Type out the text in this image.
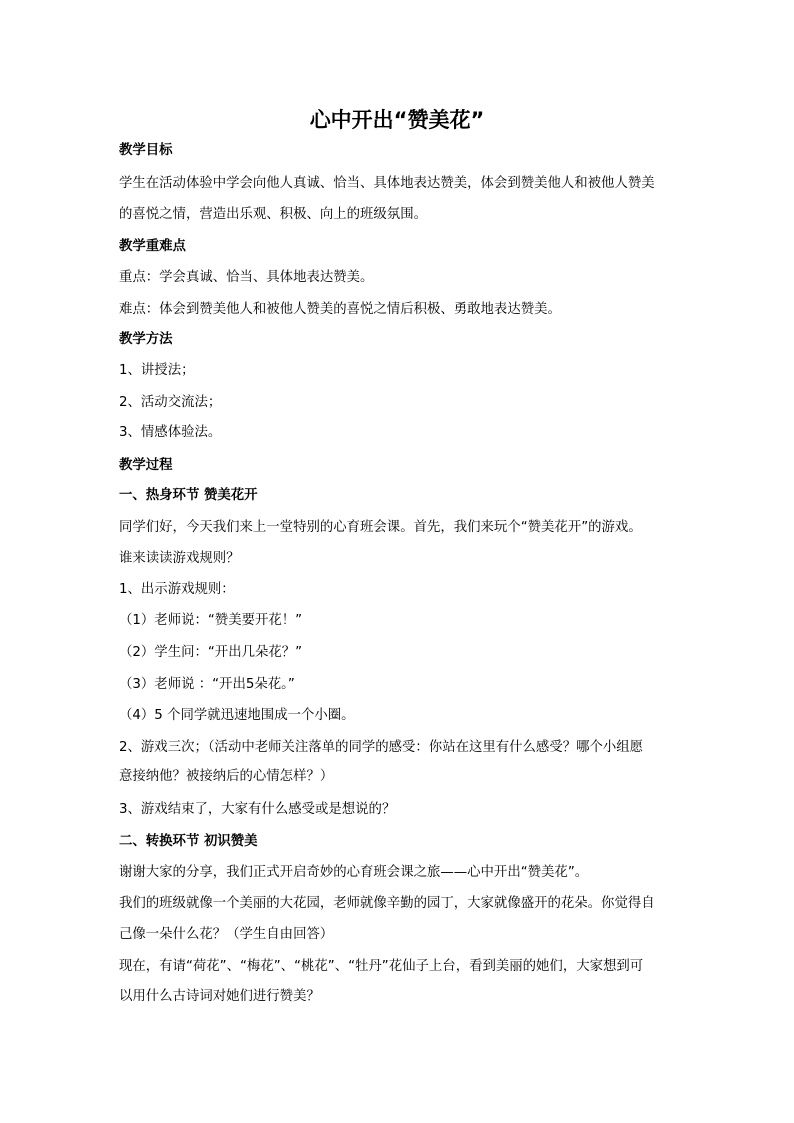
心中开出“赞美花”
教学目标
学生在活动体验中学会向他人真诚、恰当、具体地表达赞美，体会到赞美他人和被他人赞美
的喜悦之情，营造出乐观、积极、向上的班级氛围。
教学重难点
重点：学会真诚、恰当、具体地表达赞美。
难点：体会到赞美他人和被他人赞美的喜悦之情后积极、勇敢地表达赞美。
教学方法
1、讲授法；
2、活动交流法；
3、情感体验法。
教学过程
一、热身环节 赞美花开
同学们好，今天我们来上一堂特别的心育班会课。首先，我们来玩个“赞美花开”的游戏。
谁来读读游戏规则？
1、出示游戏规则：
（1）老师说：“赞美要开花！”
（2）学生问：“开出几朵花？”
（3）老师说 ：“开出5朵花。”
（4）5 个同学就迅速地围成一个小圈。
2、游戏三次；（活动中老师关注落单的同学的感受：你站在这里有什么感受？哪个小组愿
意接纳他？被接纳后的心情怎样？）
3、游戏结束了，大家有什么感受或是想说的？
二、转换环节 初识赞美
谢谢大家的分享，我们正式开启奇妙的心育班会课之旅——心中开出“赞美花”。
我们的班级就像一个美丽的大花园，老师就像辛勤的园丁，大家就像盛开的花朵。你觉得自
己像一朵什么花？（学生自由回答）
现在，有请“荷花”、“梅花”、“桃花”、“牡丹”花仙子上台，看到美丽的她们，大家想到可
以用什么古诗词对她们进行赞美？
